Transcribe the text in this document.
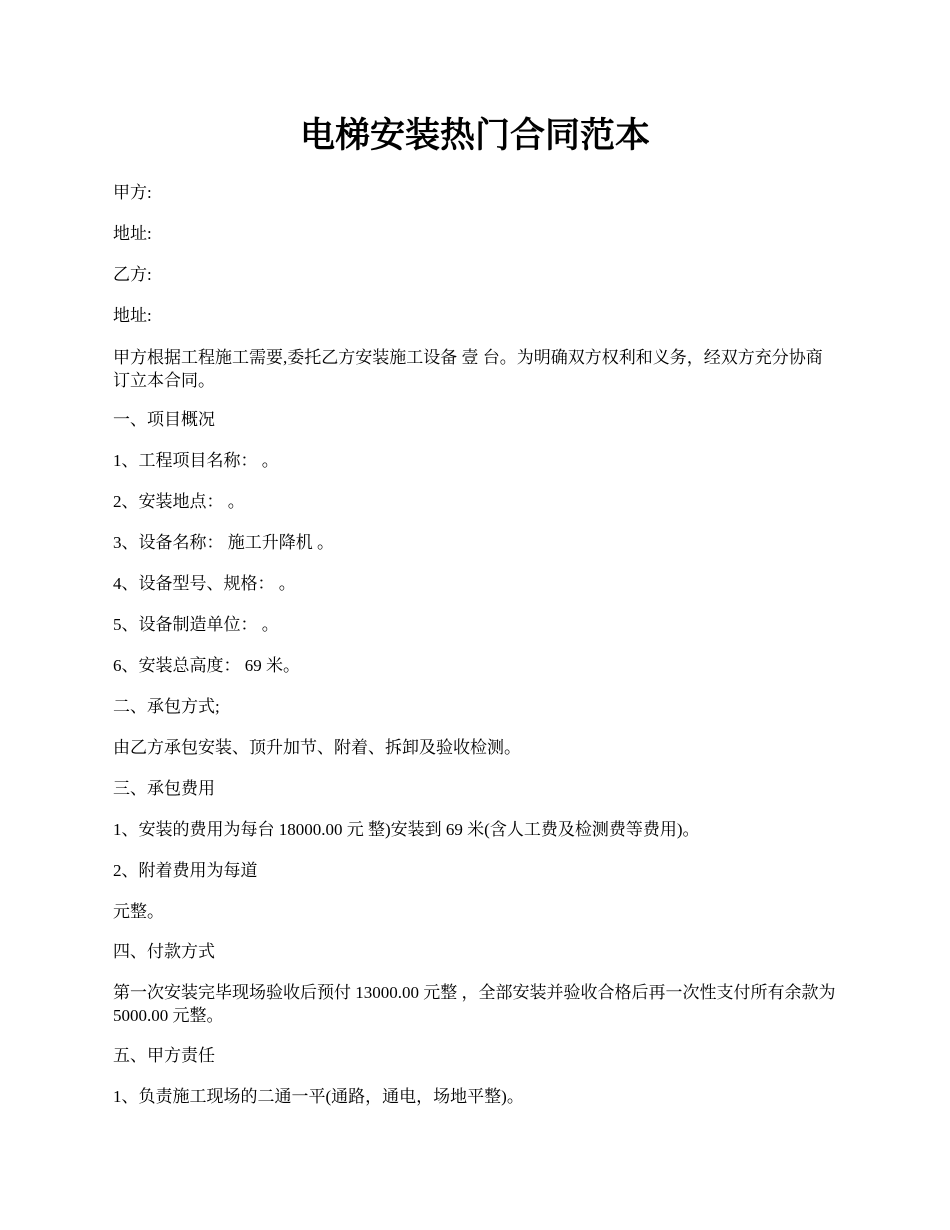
电梯安装热门合同范本

甲方:

地址:

乙方:

地址:

甲方根据工程施工需要,委托乙方安装施工设备 壹 台。为明确双方权利和义务，经双方充分协商订立本合同。

一、项目概况

1、工程项目名称： 。

2、安装地点： 。

3、设备名称： 施工升降机 。

4、设备型号、规格： 。

5、设备制造单位： 。

6、安装总高度： 69 米。

二、承包方式;

由乙方承包安装、顶升加节、附着、拆卸及验收检测。

三、承包费用

1、安装的费用为每台 18000.00 元 整)安装到 69 米(含人工费及检测费等费用)。

2、附着费用为每道

元整。

四、付款方式

第一次安装完毕现场验收后预付 13000.00 元整 ，全部安装并验收合格后再一次性支付所有余款为 5000.00 元整。

五、甲方责任

1、负责施工现场的二通一平(通路，通电，场地平整)。
